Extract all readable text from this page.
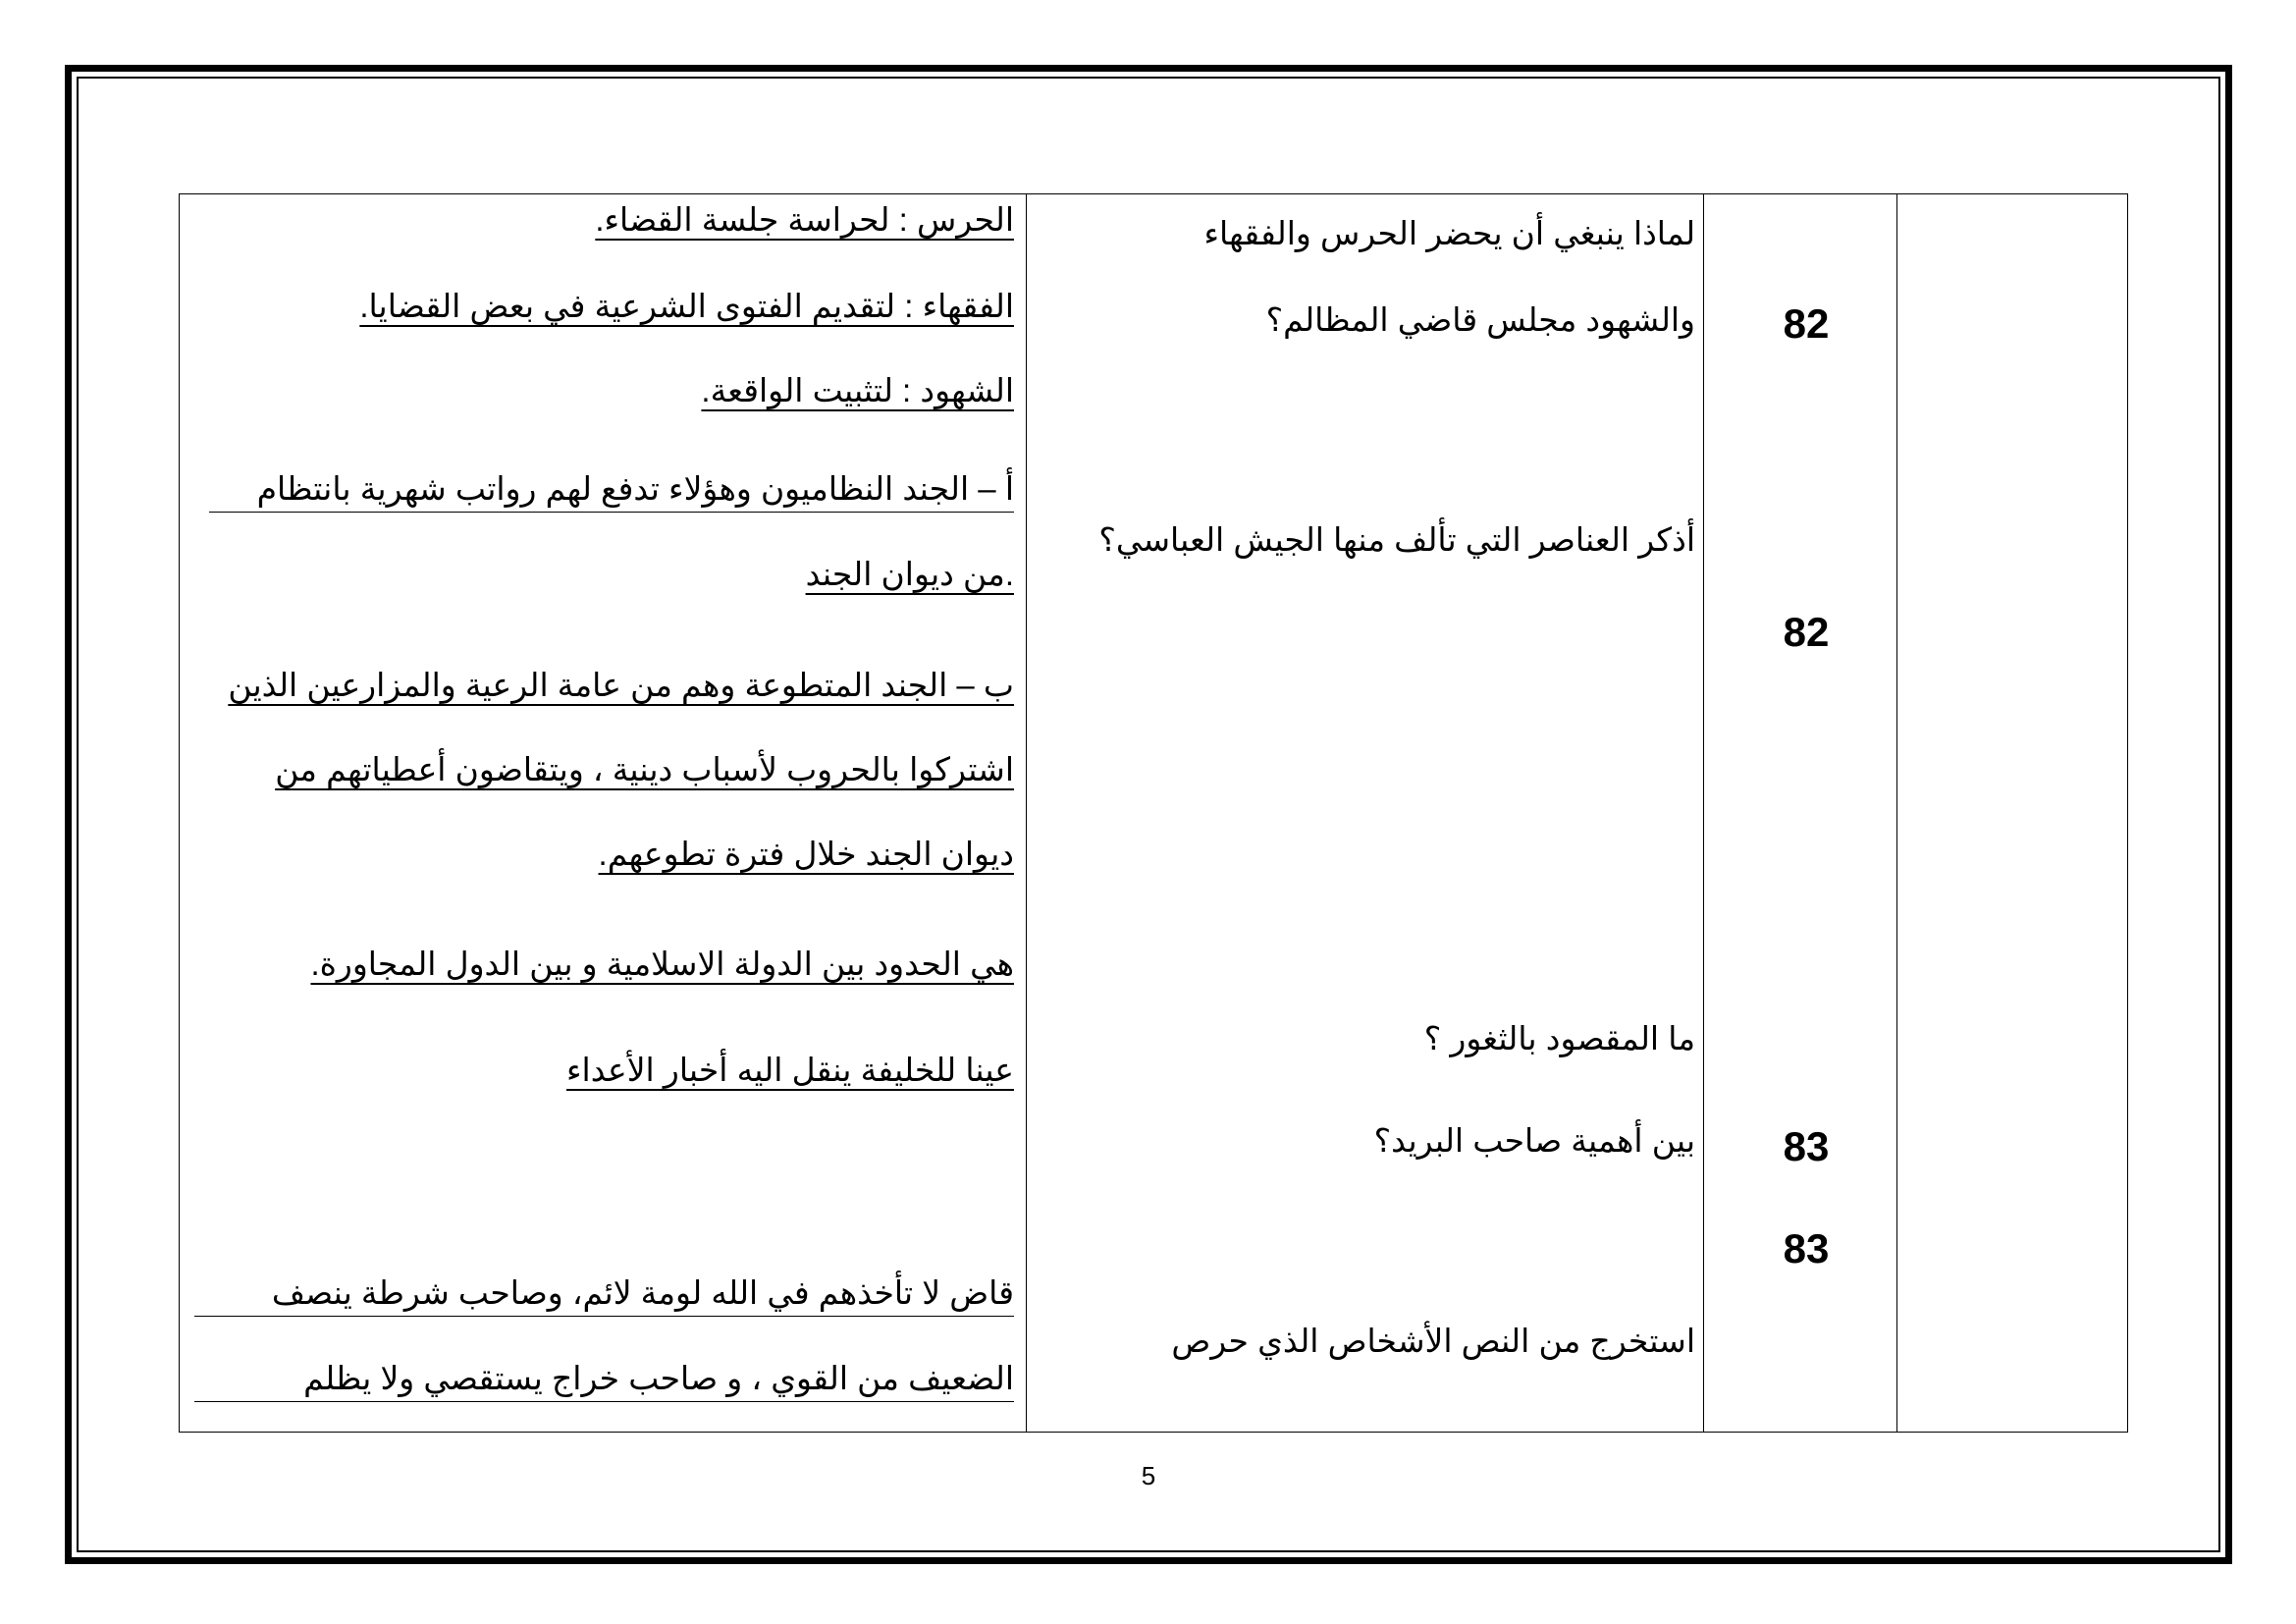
الحرس : لحراسة جلسة القضاء.
الفقهاء : لتقديم الفتوى الشرعية في بعض القضايا.
الشهود : لتثبيت الواقعة.
أ – الجند النظاميون وهؤلاء تدفع لهم رواتب شهرية بانتظام
.من ديوان الجند
ب – الجند المتطوعة وهم من عامة الرعية والمزارعين الذين
اشتركوا بالحروب لأسباب دينية ، ويتقاضون أعطياتهم من
ديوان الجند خلال فترة تطوعهم.
هي الحدود بين الدولة الاسلامية و بين الدول المجاورة.
عينا للخليفة ينقل اليه أخبار الأعداء
قاض لا تأخذهم في الله لومة لائم، وصاحب شرطة ينصف
الضعيف من القوي ، و صاحب خراج يستقصي ولا يظلم
لماذا ينبغي أن يحضر الحرس والفقهاء
والشهود مجلس قاضي المظالم؟
أذكر العناصر التي تألف منها الجيش العباسي؟
ما المقصود بالثغور ؟
بين أهمية صاحب البريد؟
استخرج من النص الأشخاص الذي حرص
82
82
83
83
5
